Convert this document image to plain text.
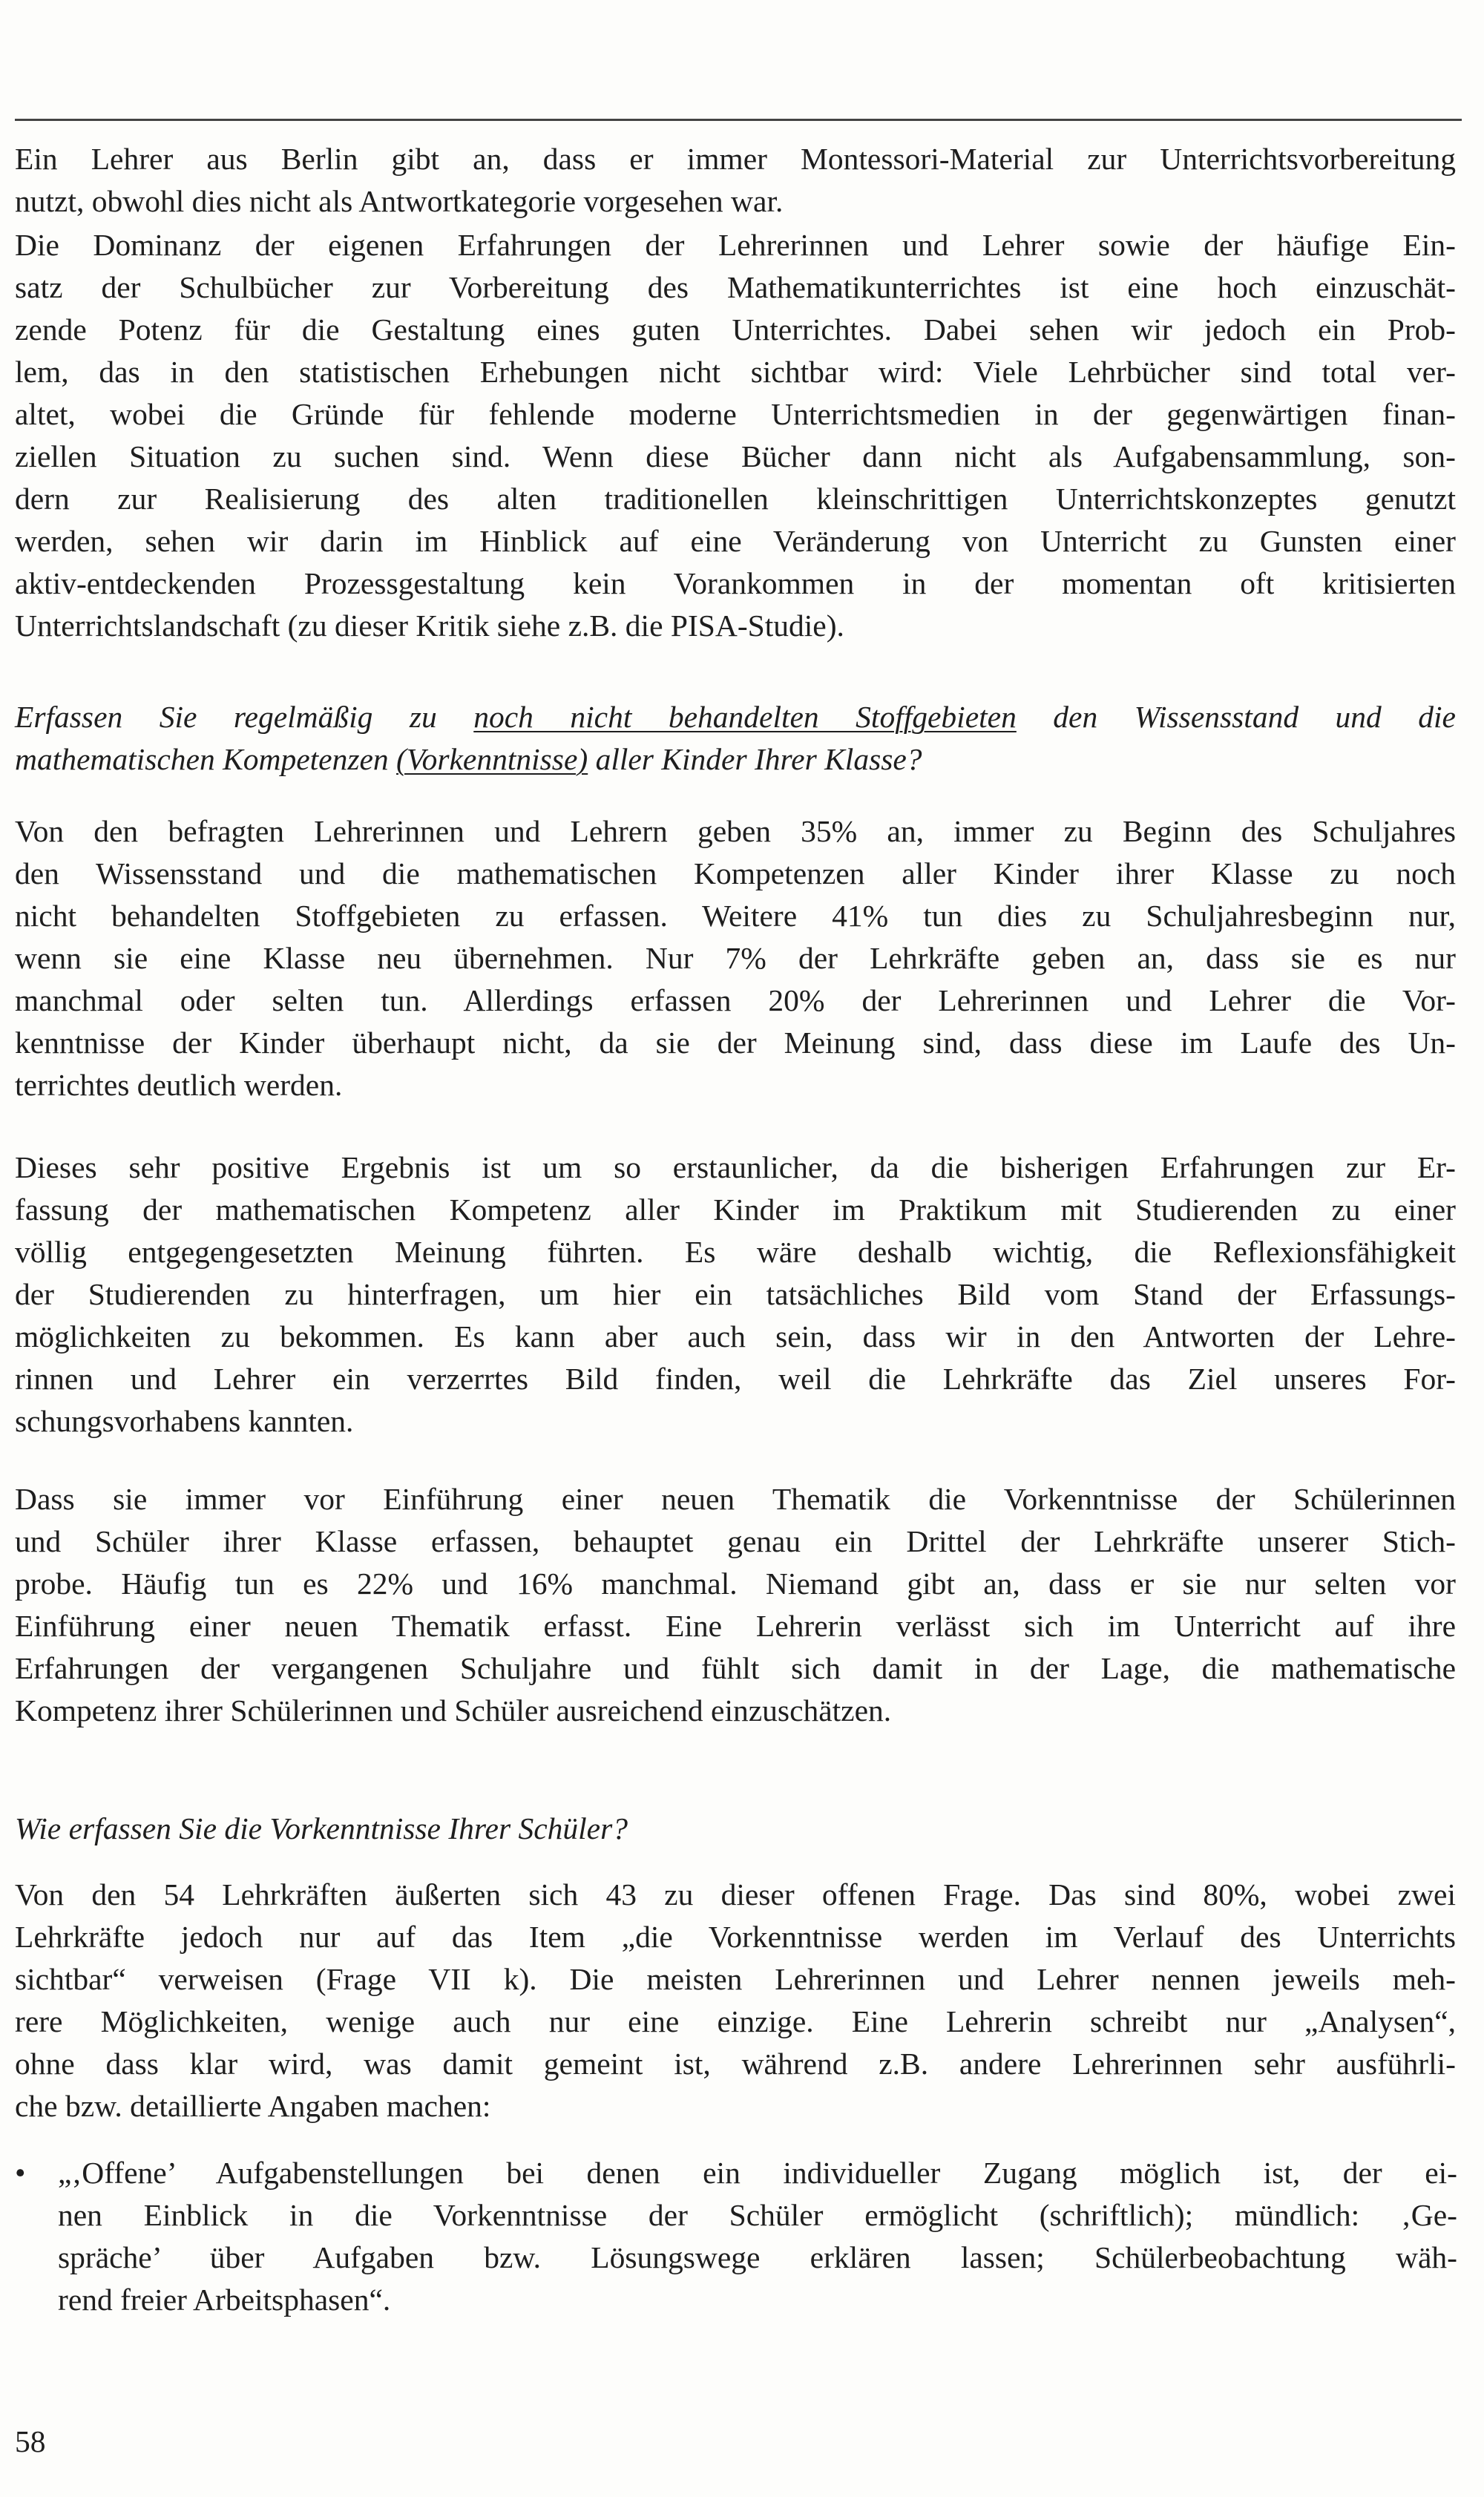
Ein Lehrer aus Berlin gibt an, dass er immer Montessori-Material zur Unterrichtsvorbereitung
nutzt, obwohl dies nicht als Antwortkategorie vorgesehen war.
Die Dominanz der eigenen Erfahrungen der Lehrerinnen und Lehrer sowie der häufige Ein-
satz der Schulbücher zur Vorbereitung des Mathematikunterrichtes ist eine hoch einzuschät-
zende Potenz für die Gestaltung eines guten Unterrichtes. Dabei sehen wir jedoch ein Prob-
lem, das in den statistischen Erhebungen nicht sichtbar wird: Viele Lehrbücher sind total ver-
altet, wobei die Gründe für fehlende moderne Unterrichtsmedien in der gegenwärtigen finan-
ziellen Situation zu suchen sind. Wenn diese Bücher dann nicht als Aufgabensammlung, son-
dern zur Realisierung des alten traditionellen kleinschrittigen Unterrichtskonzeptes genutzt
werden, sehen wir darin im Hinblick auf eine Veränderung von Unterricht zu Gunsten einer
aktiv-entdeckenden Prozessgestaltung kein Vorankommen in der momentan oft kritisierten
Unterrichtslandschaft (zu dieser Kritik siehe z.B. die PISA-Studie).
Erfassen Sie regelmäßig zu noch nicht behandelten Stoffgebieten den Wissensstand und die
mathematischen Kompetenzen (Vorkenntnisse) aller Kinder Ihrer Klasse?
Von den befragten Lehrerinnen und Lehrern geben 35% an, immer zu Beginn des Schuljahres
den Wissensstand und die mathematischen Kompetenzen aller Kinder ihrer Klasse zu noch
nicht behandelten Stoffgebieten zu erfassen. Weitere 41% tun dies zu Schuljahresbeginn nur,
wenn sie eine Klasse neu übernehmen. Nur 7% der Lehrkräfte geben an, dass sie es nur
manchmal oder selten tun. Allerdings erfassen 20% der Lehrerinnen und Lehrer die Vor-
kenntnisse der Kinder überhaupt nicht, da sie der Meinung sind, dass diese im Laufe des Un-
terrichtes deutlich werden.
Dieses sehr positive Ergebnis ist um so erstaunlicher, da die bisherigen Erfahrungen zur Er-
fassung der mathematischen Kompetenz aller Kinder im Praktikum mit Studierenden zu einer
völlig entgegengesetzten Meinung führten. Es wäre deshalb wichtig, die Reflexionsfähigkeit
der Studierenden zu hinterfragen, um hier ein tatsächliches Bild vom Stand der Erfassungs-
möglichkeiten zu bekommen. Es kann aber auch sein, dass wir in den Antworten der Lehre-
rinnen und Lehrer ein verzerrtes Bild finden, weil die Lehrkräfte das Ziel unseres For-
schungsvorhabens kannten.
Dass sie immer vor Einführung einer neuen Thematik die Vorkenntnisse der Schülerinnen
und Schüler ihrer Klasse erfassen, behauptet genau ein Drittel der Lehrkräfte unserer Stich-
probe. Häufig tun es 22% und 16% manchmal. Niemand gibt an, dass er sie nur selten vor
Einführung einer neuen Thematik erfasst. Eine Lehrerin verlässt sich im Unterricht auf ihre
Erfahrungen der vergangenen Schuljahre und fühlt sich damit in der Lage, die mathematische
Kompetenz ihrer Schülerinnen und Schüler ausreichend einzuschätzen.
Wie erfassen Sie die Vorkenntnisse Ihrer Schüler?
Von den 54 Lehrkräften äußerten sich 43 zu dieser offenen Frage. Das sind 80%, wobei zwei
Lehrkräfte jedoch nur auf das Item „die Vorkenntnisse werden im Verlauf des Unterrichts
sichtbar“ verweisen (Frage VII k). Die meisten Lehrerinnen und Lehrer nennen jeweils meh-
rere Möglichkeiten, wenige auch nur eine einzige. Eine Lehrerin schreibt nur „Analysen“,
ohne dass klar wird, was damit gemeint ist, während z.B. andere Lehrerinnen sehr ausführli-
che bzw. detaillierte Angaben machen:
• „‚Offene’ Aufgabenstellungen bei denen ein individueller Zugang möglich ist, der ei-
nen Einblick in die Vorkenntnisse der Schüler ermöglicht (schriftlich); mündlich: ‚Ge-
spräche’ über Aufgaben bzw. Lösungswege erklären lassen; Schülerbeobachtung wäh-
rend freier Arbeitsphasen“.
58
